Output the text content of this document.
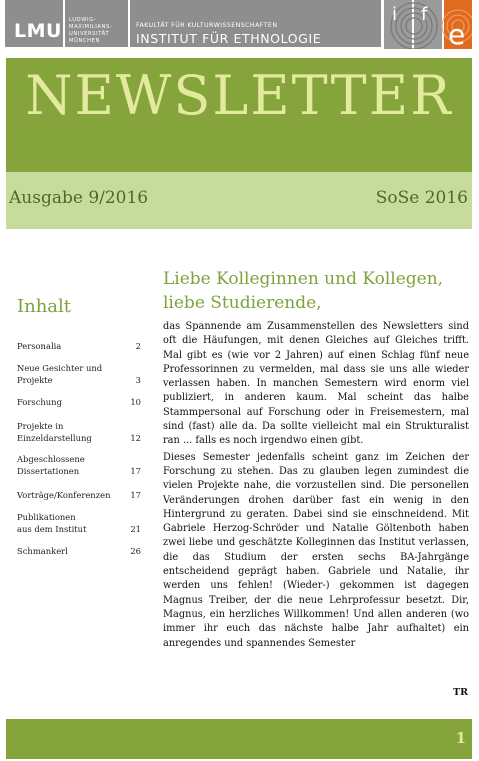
LMU LUDWIG-
MAXIMILIANS-
UNIVERSITÄT
MÜNCHEN
FAKULTÄT FÜR KULTURWISSENSCHAFTEN
INSTITUT FÜR ETHNOLOGIE
i f
e
NEWSLETTER
Ausgabe 9/2016	SoSe 2016
Inhalt
Personalia	2
Neue Gesichter und
Projekte	3
Forschung	10
Projekte in
Einzeldarstellung	12
Abgeschlossene
Dissertationen	17
Vorträge/Konferenzen	17
Publikationen
aus dem Institut	21
Schmankerl	26
Liebe Kolleginnen und Kollegen,
liebe Studierende,

das Spannende am Zusammenstellen des Newsletters sind oft die Häufungen, mit denen Gleiches auf Gleiches trifft. Mal gibt es (wie vor 2 Jahren) auf einen Schlag fünf neue Professorinnen zu vermelden, mal dass sie uns alle wieder verlassen haben. In manchen Semestern wird enorm viel publiziert, in anderen kaum. Mal scheint das halbe Stammpersonal auf Forschung oder in Freisemestern, mal sind (fast) alle da. Da sollte vielleicht mal ein Strukturalist ran ... falls es noch irgendwo einen gibt.

Dieses Semester jedenfalls scheint ganz im Zeichen der Forschung zu stehen. Das zu glauben legen zumindest die vielen Projekte nahe, die vorzustellen sind. Die personellen Veränderungen drohen darüber fast ein wenig in den Hintergrund zu geraten. Dabei sind sie einschneidend. Mit Gabriele Herzog-Schröder und Natalie Göltenboth haben zwei liebe und geschätzte Kolleginnen das Institut verlassen, die das Studium der ersten sechs BA-Jahrgänge entscheidend geprägt haben. Gabriele und Natalie, ihr werden uns fehlen! (Wieder-) gekommen ist dagegen Magnus Treiber, der die neue Lehrprofessur besetzt. Dir, Magnus, ein herzliches Willkommen! Und allen anderen (wo immer ihr euch das nächste halbe Jahr aufhaltet) ein anregendes und spannendes Semester

TR
1
